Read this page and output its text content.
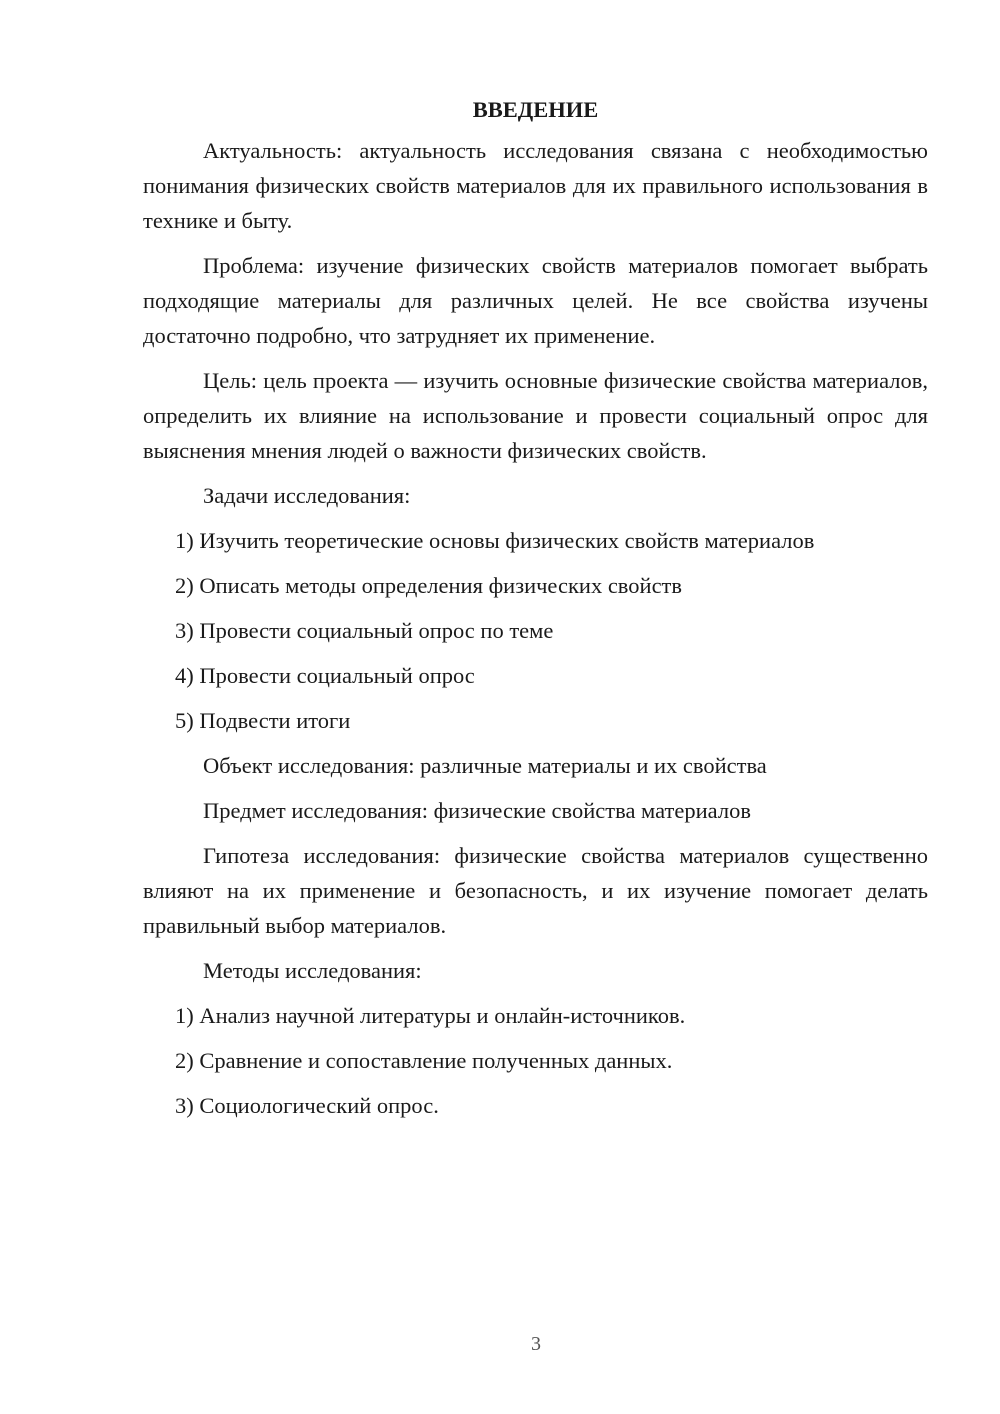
ВВЕДЕНИЕ

Актуальность: актуальность исследования связана с необходимостью понимания физических свойств материалов для их правильного использования в технике и быту.

Проблема: изучение физических свойств материалов помогает выбрать подходящие материалы для различных целей. Не все свойства изучены достаточно подробно, что затрудняет их применение.

Цель: цель проекта — изучить основные физические свойства материалов, определить их влияние на использование и провести социальный опрос для выяснения мнения людей о важности физических свойств.

Задачи исследования:
1) Изучить теоретические основы физических свойств материалов
2) Описать методы определения физических свойств
3) Провести социальный опрос по теме
4) Провести социальный опрос
5) Подвести итоги
Объект исследования: различные материалы и их свойства
Предмет исследования: физические свойства материалов

Гипотеза исследования: физические свойства материалов существенно влияют на их применение и безопасность, и их изучение помогает делать правильный выбор материалов.

Методы исследования:
1) Анализ научной литературы и онлайн-источников.
2) Сравнение и сопоставление полученных данных.
3) Социологический опрос.
3
